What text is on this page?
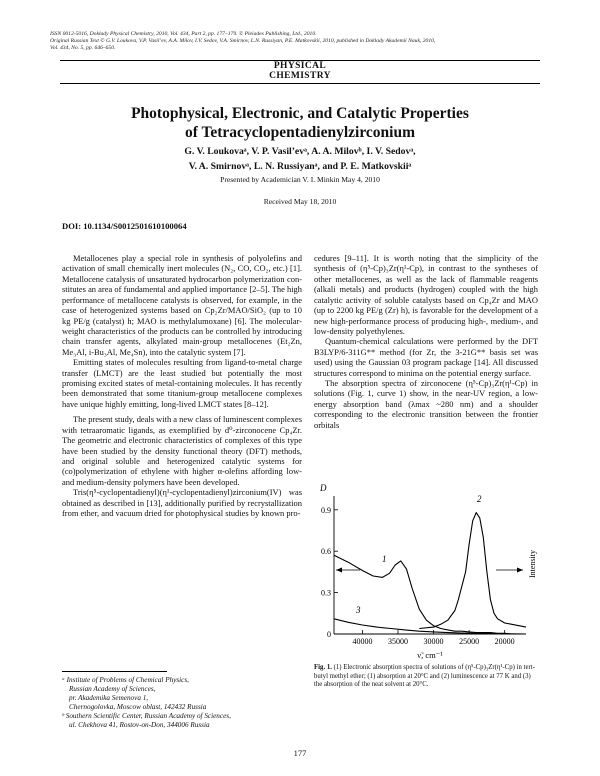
ISSN 0012-5016, Doklady Physical Chemistry, 2010, Vol. 434, Part 2, pp. 177–179. © Pleiades Publishing, Ltd., 2010.
Original Russian Text © G.V. Loukova, V.P. Vasil’ev, A.A. Milov, I.V. Sedov, V.A. Smirnov, L.N. Russiyan, P.E. Matkovskii, 2010, published in Doklady Akademii Nauk, 2010,
Vol. 434, No. 5, pp. 646–650.
PHYSICAL
CHEMISTRY
Photophysical, Electronic, and Catalytic Properties
of Tetracyclopentadienylzirconium
G. V. Loukovaᵃ, V. P. Vasil’evᵃ, A. A. Milovᵇ, I. V. Sedovᵃ,
V. A. Smirnovᵃ, L. N. Russiyanᵃ, and P. E. Matkovskiiᵃ
Presented by Academician V. I. Minkin May 4, 2010
Received May 18, 2010
DOI: 10.1134/S0012501610100064

Metallocenes play a special role in synthesis of polyolefins and activation of small chemically inert molecules (N₂, CO, CO₂, etc.) [1]. Metallocene catalysis of unsaturated hydrocarbon polymerization constitutes an area of fundamental and applied importance [2–5]. The high performance of metallocene catalysts is observed, for example, in the case of heterogenized systems based on Cp₂Zr/MAO/SiO₂ (up to 10 kg PE/g (catalyst) h; MAO is methylalumoxane) [6]. The molecular-weight characteristics of the products can be controlled by introducing chain transfer agents, alkylated main-group metallocenes (Et₂Zn, Me₃Al, i-Bu₃Al, Me₄Sn), into the catalytic system [7].

Emitting states of molecules resulting from ligand-to-metal charge transfer (LMCT) are the least studied but potentially the most promising excited states of metal-containing molecules. It has recently been demonstrated that some titanium-group metallocene complexes have unique highly emitting, long-lived LMCT states [8–12].

The present study, deals with a new class of luminescent complexes with tetraaromatic ligands, as exemplified by d⁰-zirconocene Cp₄Zr. The geometric and electronic characteristics of complexes of this type have been studied by the density functional theory (DFT) methods, and original soluble and heterogenized catalytic systems for (co)polymerization of ethylene with higher α-olefins affording low- and medium-density polymers have been developed.

Tris(η⁵-cyclopentadienyl)(η¹-cyclopentadienyl)zirconium(IV) was obtained as described in [13], additionally purified by recrystallization from ether, and vacuum dried for photophysical studies by known pro-

cedures [9–11]. It is worth noting that the simplicity of the synthesis of (η⁵-Cp)₃Zr(η¹-Cp), in contrast to the syntheses of other metallocenes, as well as the lack of flammable reagents (alkali metals) and products (hydrogen) coupled with the high catalytic activity of soluble catalysts based on Cp₄Zr and MAO (up to 2200 kg PE/g (Zr) h), is favorable for the development of a new high-performance process of producing high-, medium-, and low-density polyethylenes.

Quantum-chemical calculations were performed by the DFT B3LYP/6-311G** method (for Zr, the 3-21G** basis set was used) using the Gaussian 03 program package [14]. All discussed structures correspond to minima on the potential energy surface.

The absorption spectra of zirconocene (η⁵-Cp)₃Zr(η¹-Cp) in solutions (Fig. 1, curve 1) show, in the near-UV region, a low-energy absorption band (λmax ~280 nm) and a shoulder corresponding to the electronic transition between the frontier orbitals

D
0
0.3
0.6
0.9
40000 35000 30000 25000 20000
Intensity
1
2
3
ν̃, cm⁻¹
Fig. 1. (1) Electronic absorption spectra of solutions of (η⁵-Cp)₃Zr(η¹-Cp) in tert-butyl methyl ether; (1) absorption at 20°C and (2) luminescence at 77 K and (3) the absorption of the neat solvent at 20°C.
ᵃ Institute of Problems of Chemical Physics,
Russian Academy of Sciences,
pr. Akademika Semenova 1,
Chernogolovka, Moscow oblast, 142432 Russia
ᵇ Southern Scientific Center, Russian Academy of Sciences,
ul. Chekhova 41, Rostov-on-Don, 344006 Russia
177
